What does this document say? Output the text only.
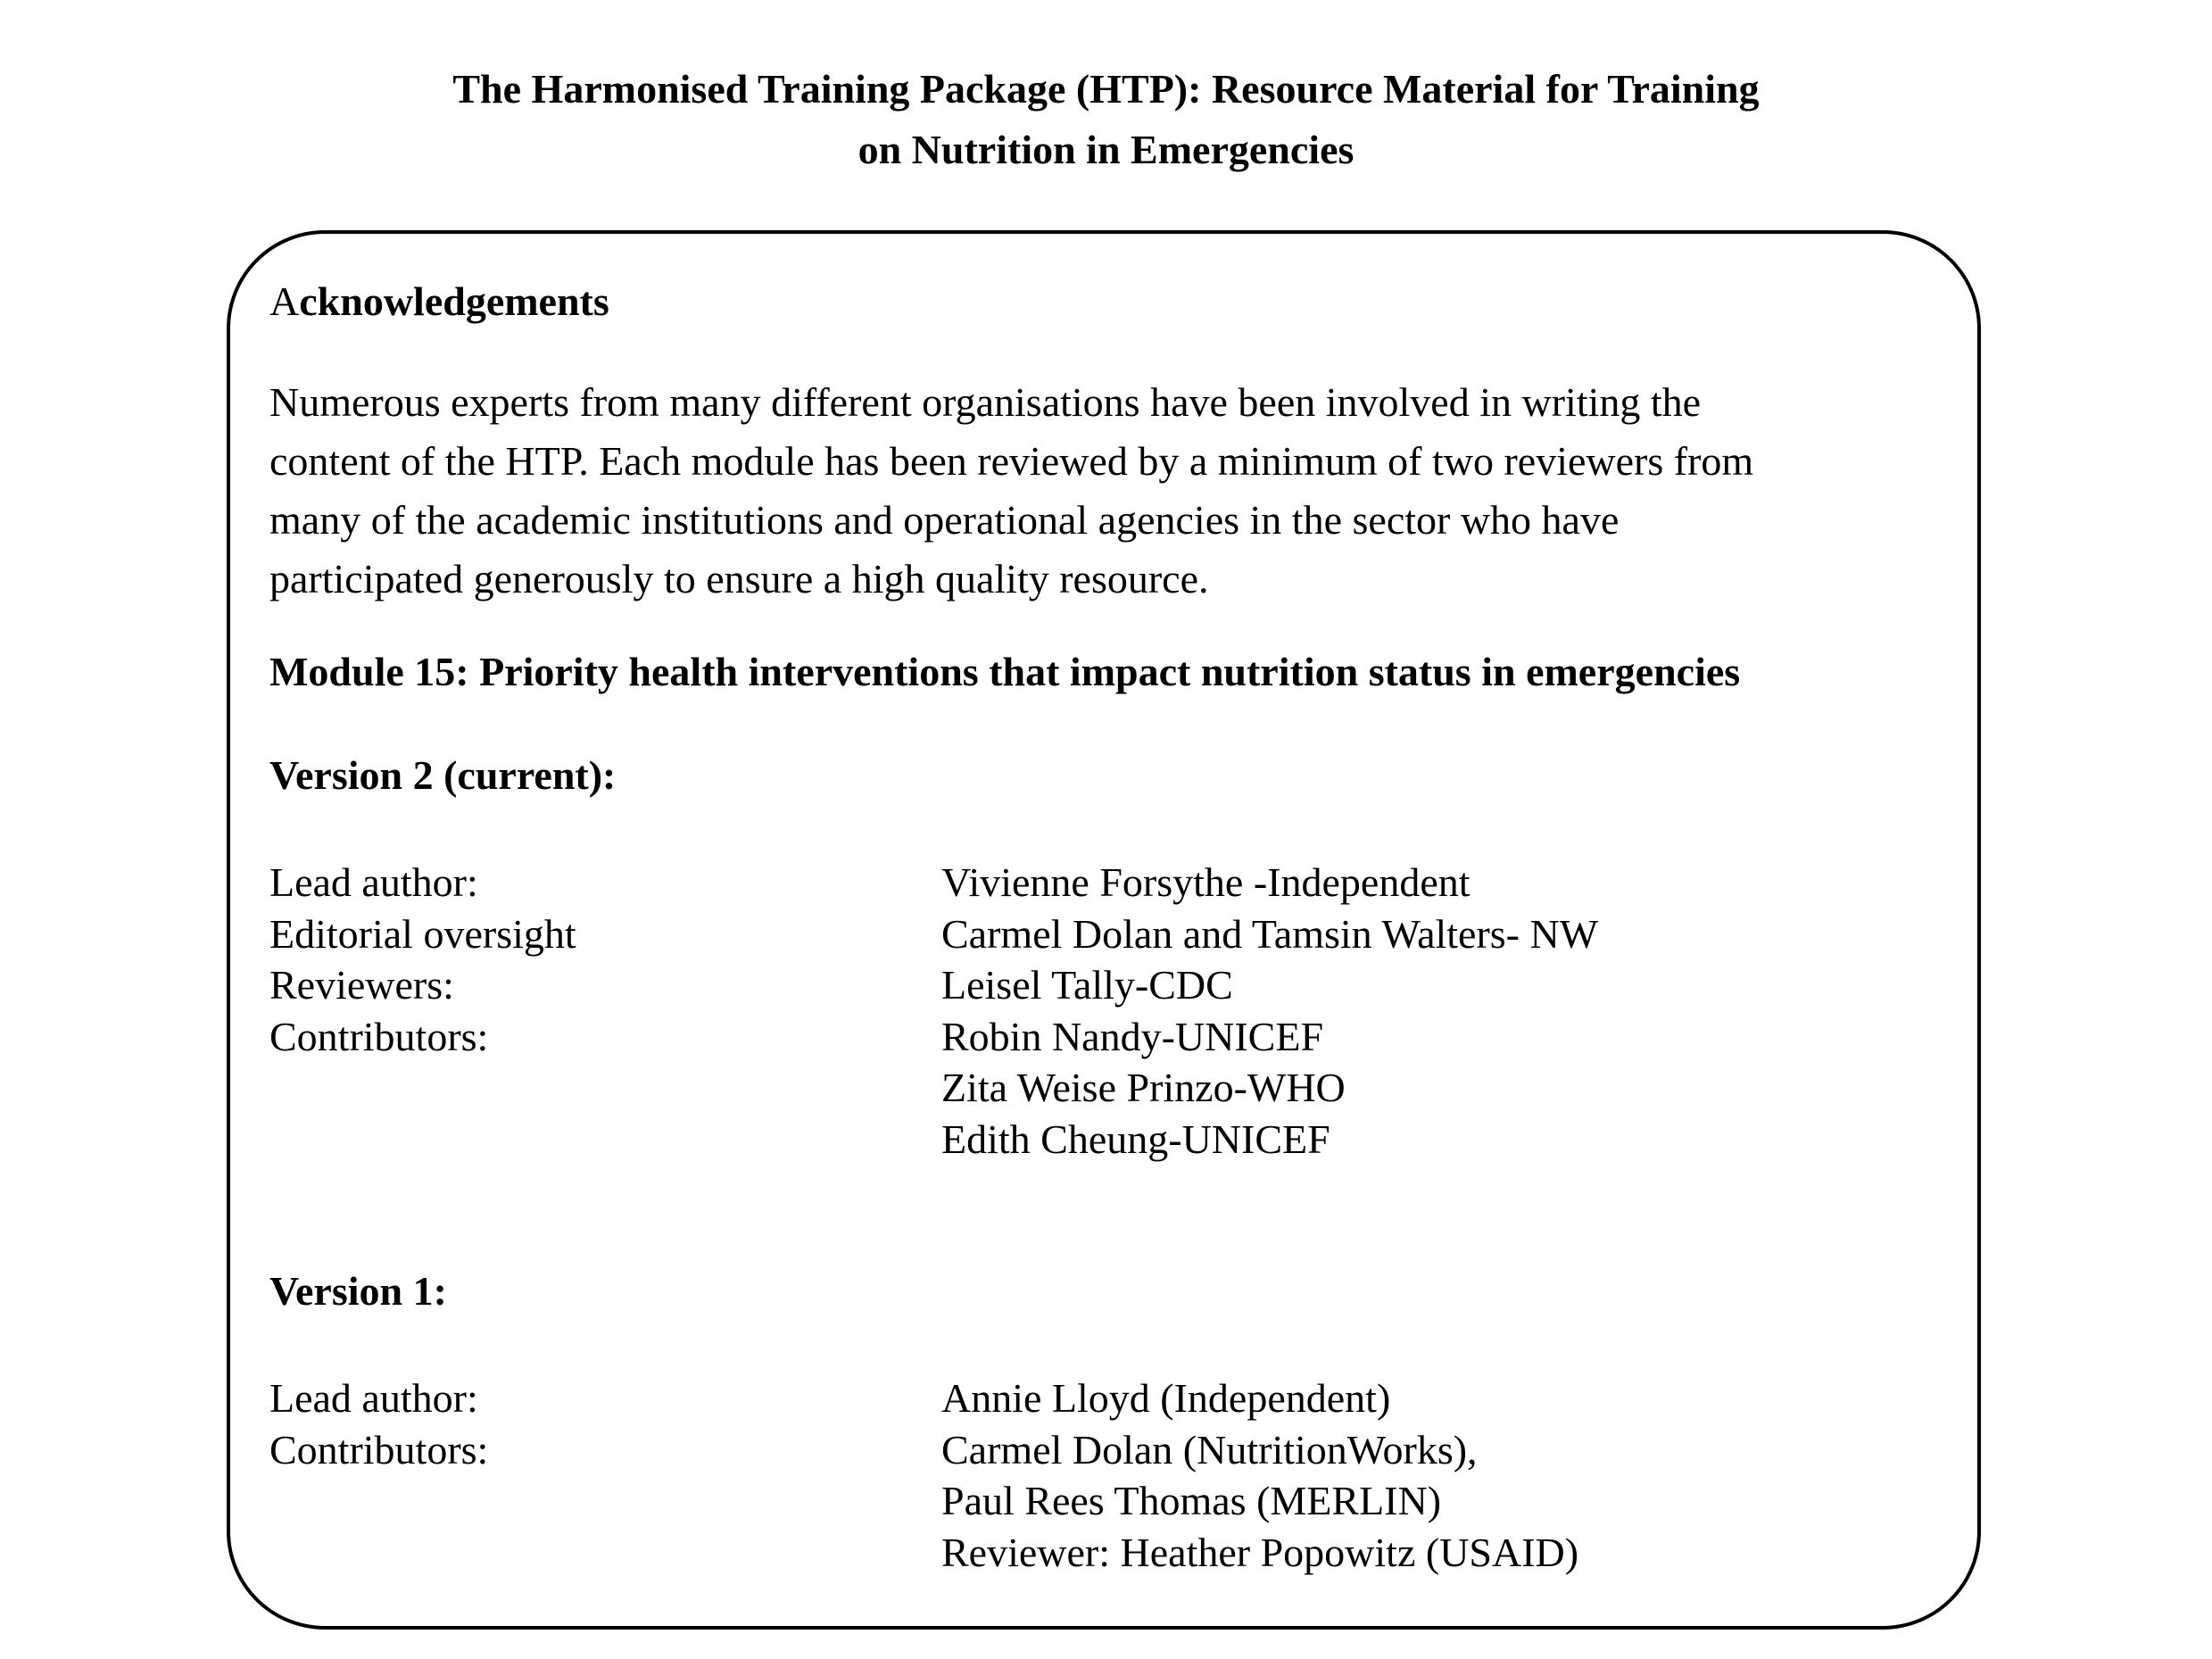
The Harmonised Training Package (HTP): Resource Material for Training
on Nutrition in Emergencies
Acknowledgements
Numerous experts from many different organisations have been involved in writing the
content of the HTP. Each module has been reviewed by a minimum of two reviewers from
many of the academic institutions and operational agencies in the sector who have
participated generously to ensure a high quality resource.
Module 15: Priority health interventions that impact nutrition status in emergencies
Version 2 (current):
Lead author:	Vivienne Forsythe -Independent
Editorial oversight	Carmel Dolan and Tamsin Walters- NW
Reviewers:	Leisel Tally-CDC
Contributors:	Robin Nandy-UNICEF
Zita Weise Prinzo-WHO
Edith Cheung-UNICEF
Version 1:
Lead author:	Annie Lloyd (Independent)
Contributors:	Carmel Dolan (NutritionWorks),
Paul Rees Thomas (MERLIN)
Reviewer: Heather Popowitz (USAID)
